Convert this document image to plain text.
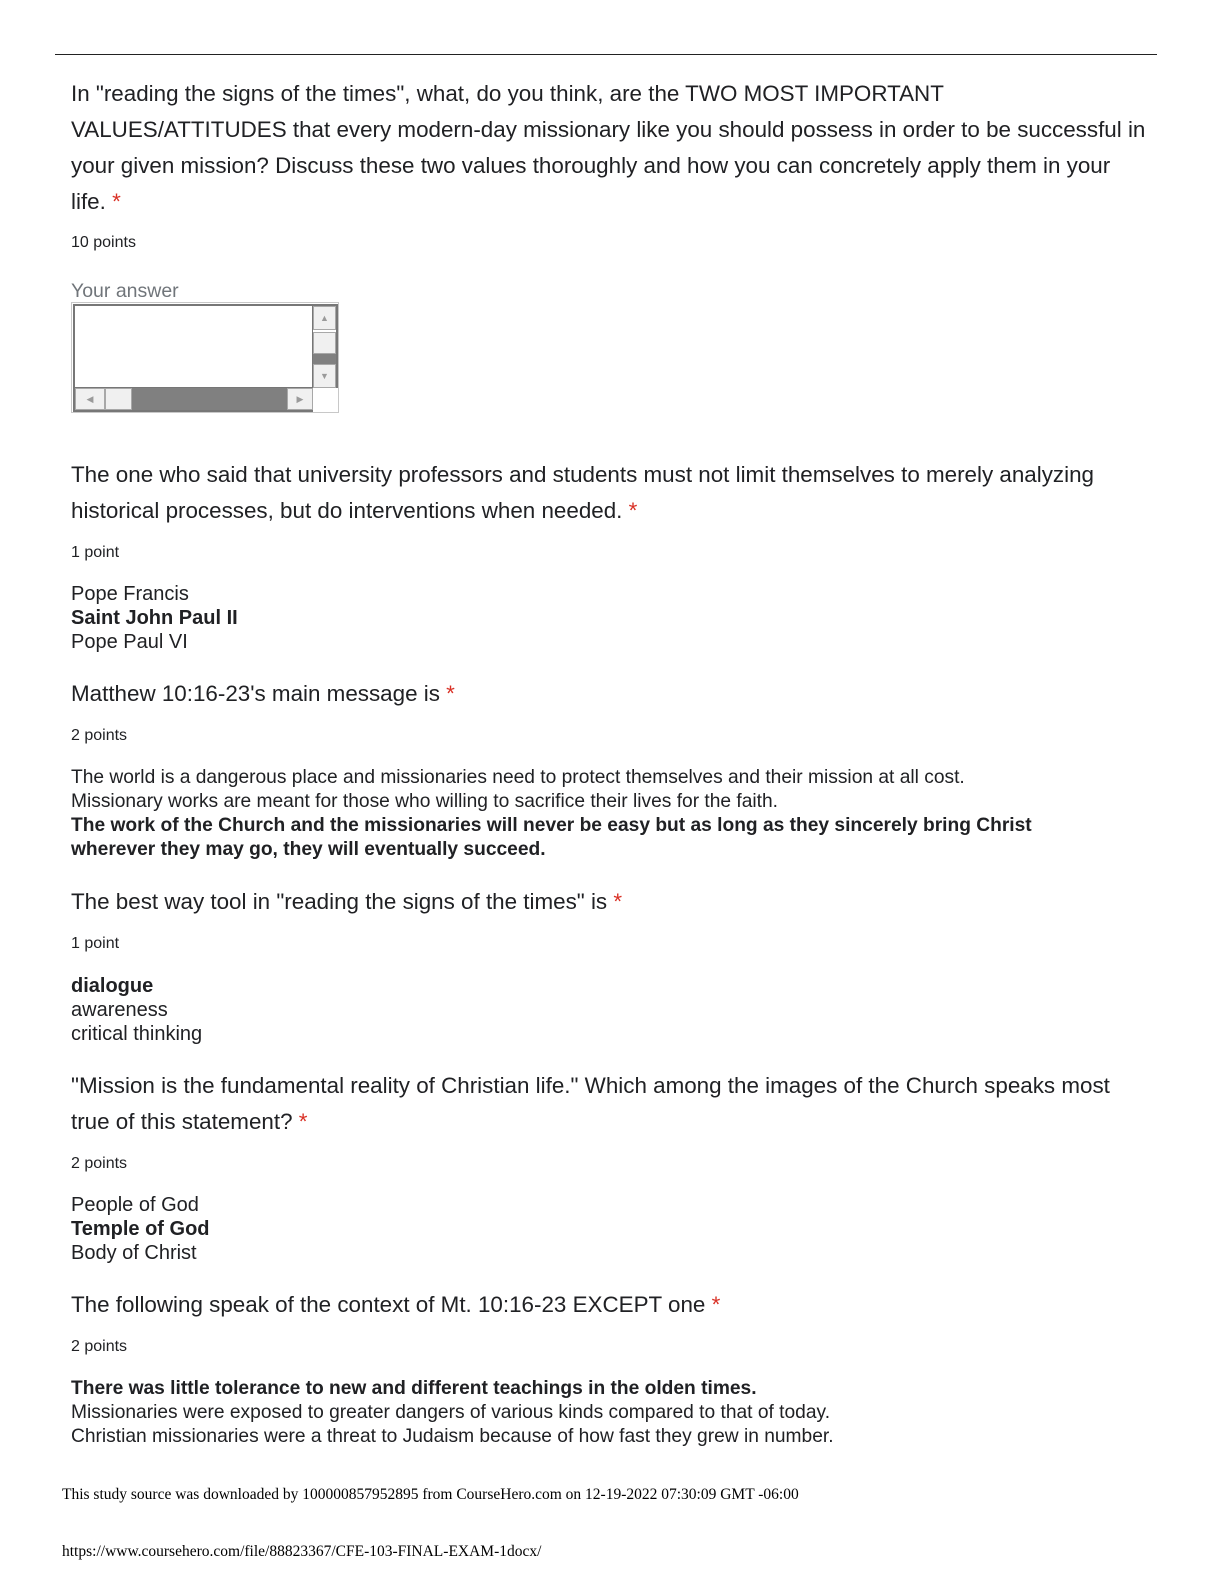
In "reading the signs of the times", what, do you think, are the TWO MOST IMPORTANT VALUES/ATTITUDES that every modern-day missionary like you should possess in order to be successful in your given mission? Discuss these two values thoroughly and how you can concretely apply them in your life. *

10 points
Your answer
▲
▼
◀	▶

The one who said that university professors and students must not limit themselves to merely analyzing historical processes, but do interventions when needed. *

1 point
Pope Francis
Saint John Paul II
Pope Paul VI

Matthew 10:16-23's main message is *

2 points
The world is a dangerous place and missionaries need to protect themselves and their mission at all cost.
Missionary works are meant for those who willing to sacrifice their lives for the faith.
The work of the Church and the missionaries will never be easy but as long as they sincerely bring Christ wherever they may go, they will eventually succeed.

The best way tool in "reading the signs of the times" is *

1 point
dialogue
awareness
critical thinking

"Mission is the fundamental reality of Christian life." Which among the images of the Church speaks most true of this statement? *

2 points
People of God
Temple of God
Body of Christ

The following speak of the context of Mt. 10:16-23 EXCEPT one *

2 points
There was little tolerance to new and different teachings in the olden times.
Missionaries were exposed to greater dangers of various kinds compared to that of today.
Christian missionaries were a threat to Judaism because of how fast they grew in number.
This study source was downloaded by 100000857952895 from CourseHero.com on 12-19-2022 07:30:09 GMT -06:00
https://www.coursehero.com/file/88823367/CFE-103-FINAL-EXAM-1docx/
